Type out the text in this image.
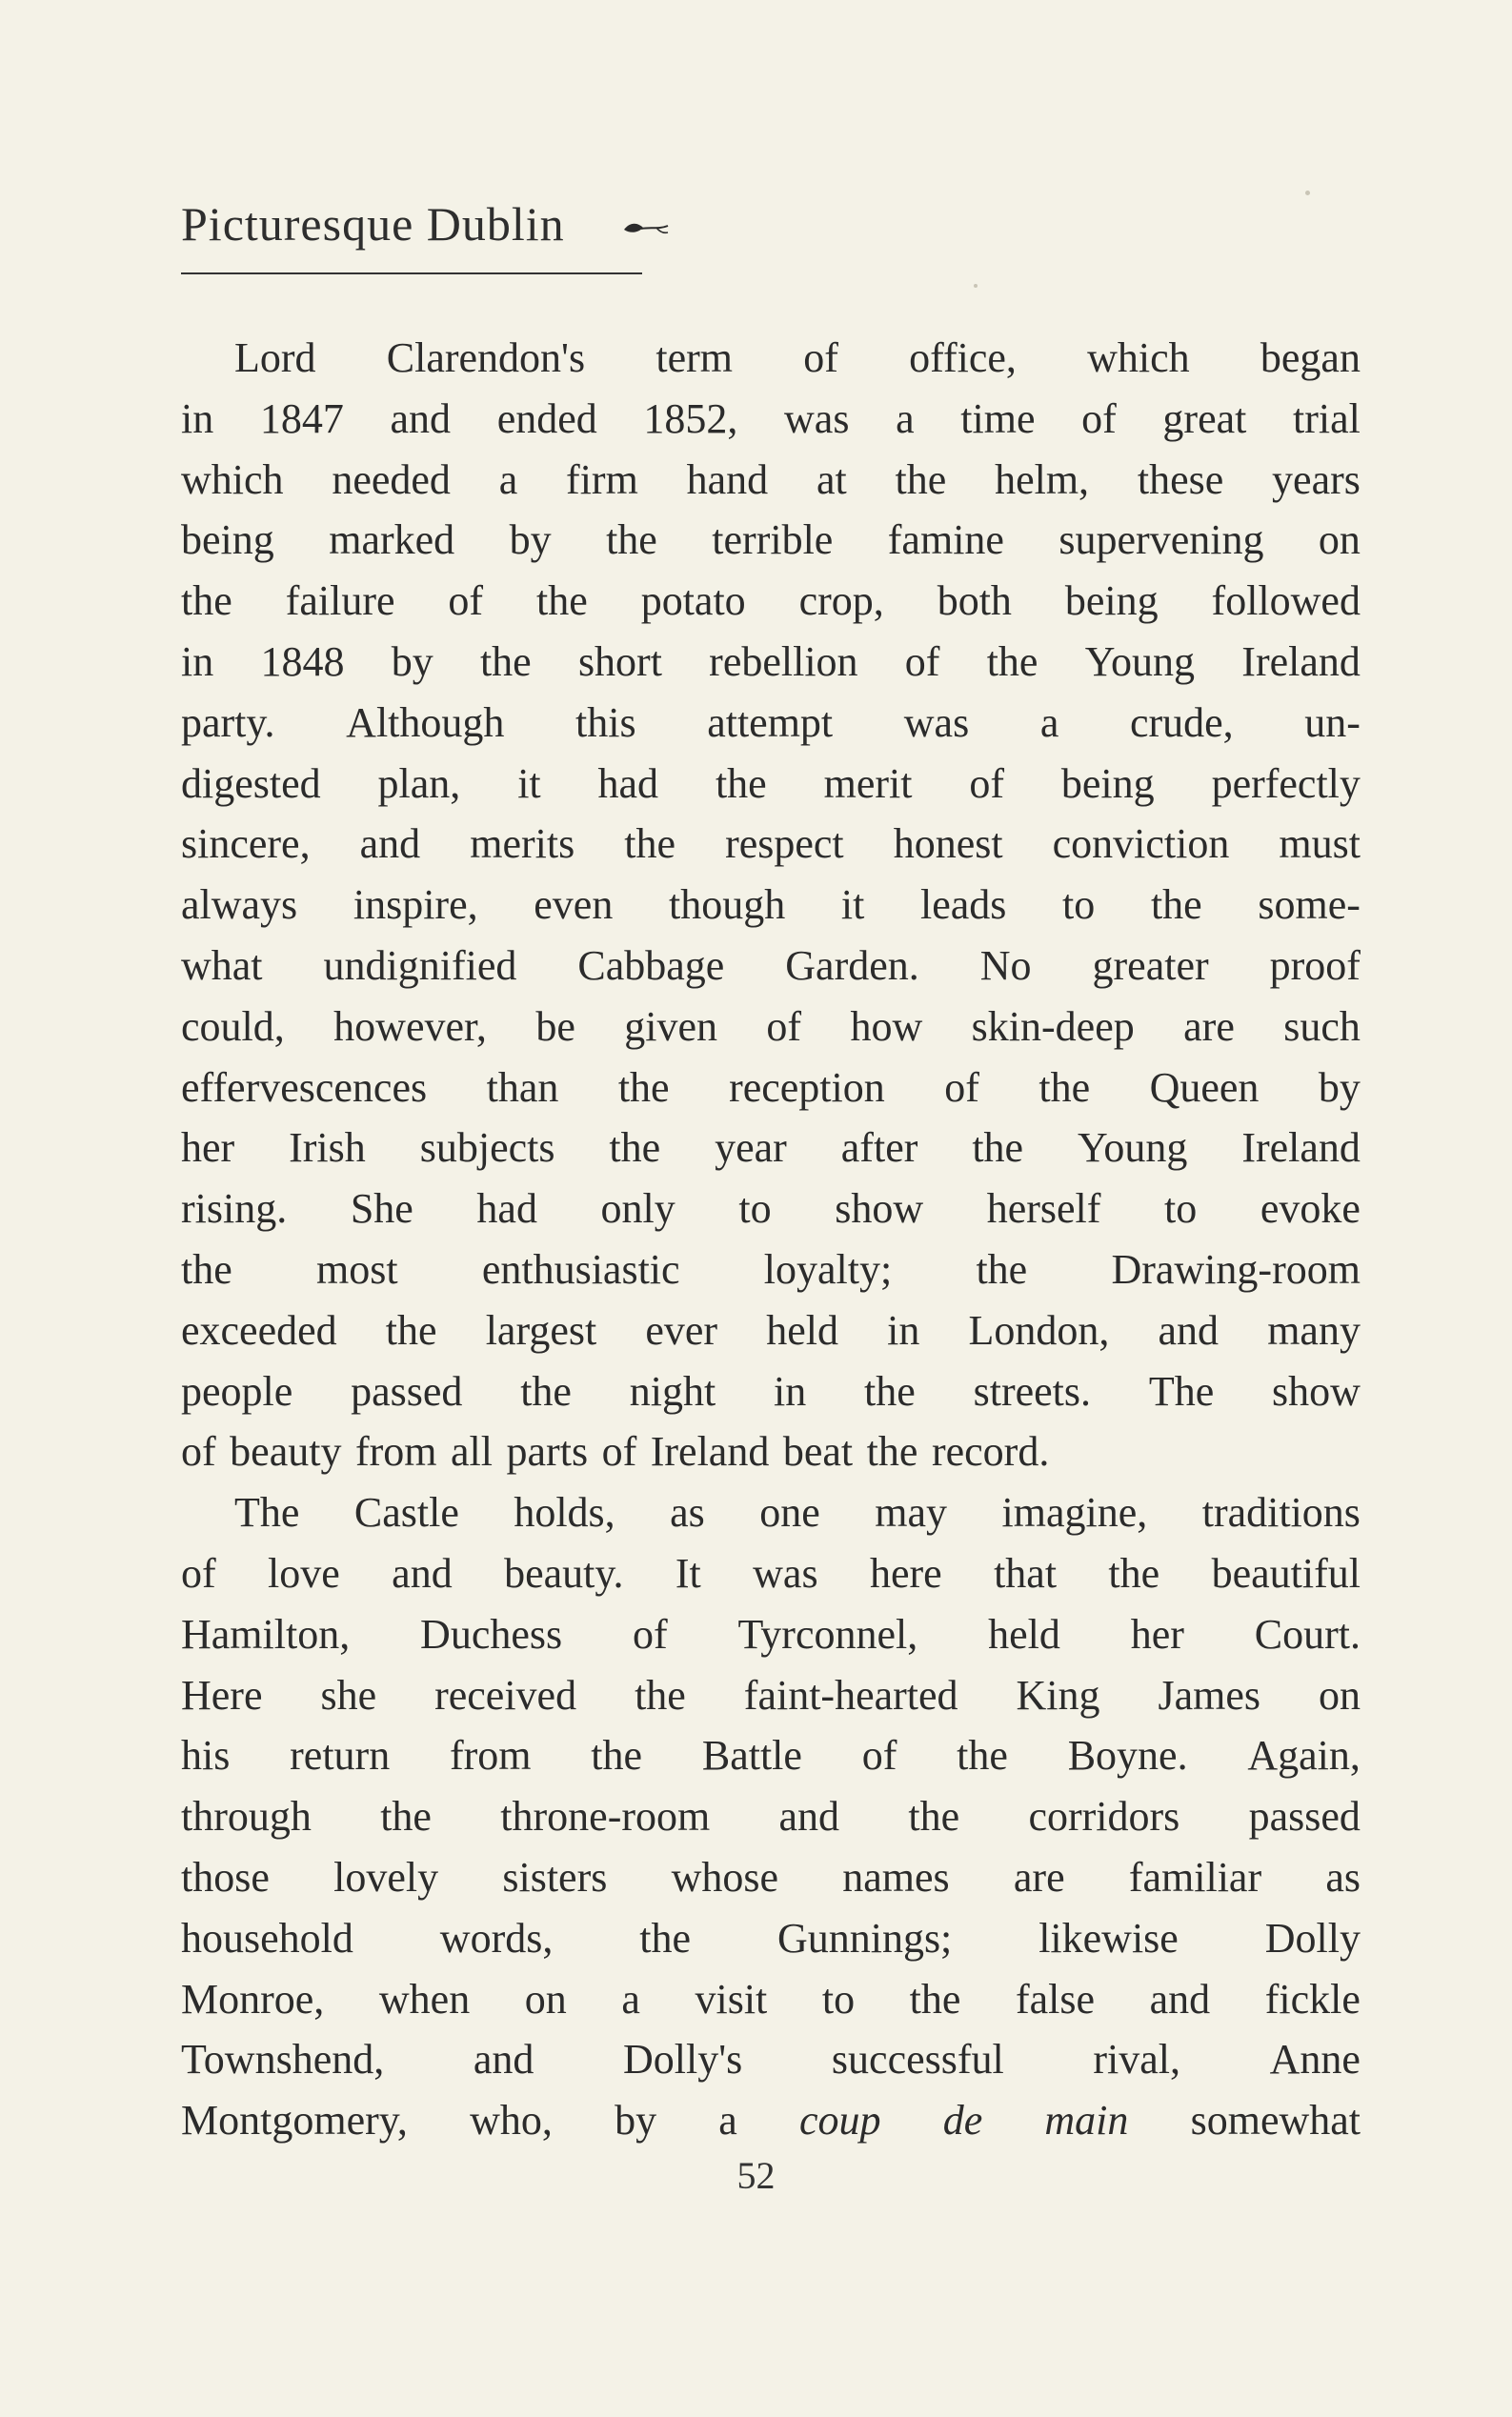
Picturesque Dublin
Lord Clarendon's term of office, which began
in 1847 and ended 1852, was a time of great trial
which needed a firm hand at the helm, these years
being marked by the terrible famine supervening on
the failure of the potato crop, both being followed
in 1848 by the short rebellion of the Young Ireland
party. Although this attempt was a crude, un-
digested plan, it had the merit of being perfectly
sincere, and merits the respect honest conviction must
always inspire, even though it leads to the some-
what undignified Cabbage Garden. No greater proof
could, however, be given of how skin-deep are such
effervescences than the reception of the Queen by
her Irish subjects the year after the Young Ireland
rising. She had only to show herself to evoke
the most enthusiastic loyalty; the Drawing-room
exceeded the largest ever held in London, and many
people passed the night in the streets. The show
of beauty from all parts of Ireland beat the record.
The Castle holds, as one may imagine, traditions
of love and beauty. It was here that the beautiful
Hamilton, Duchess of Tyrconnel, held her Court.
Here she received the faint-hearted King James on
his return from the Battle of the Boyne. Again,
through the throne-room and the corridors passed
those lovely sisters whose names are familiar as
household words, the Gunnings; likewise Dolly
Monroe, when on a visit to the false and fickle
Townshend, and Dolly's successful rival, Anne
Montgomery, who, by a coup de main somewhat
52
